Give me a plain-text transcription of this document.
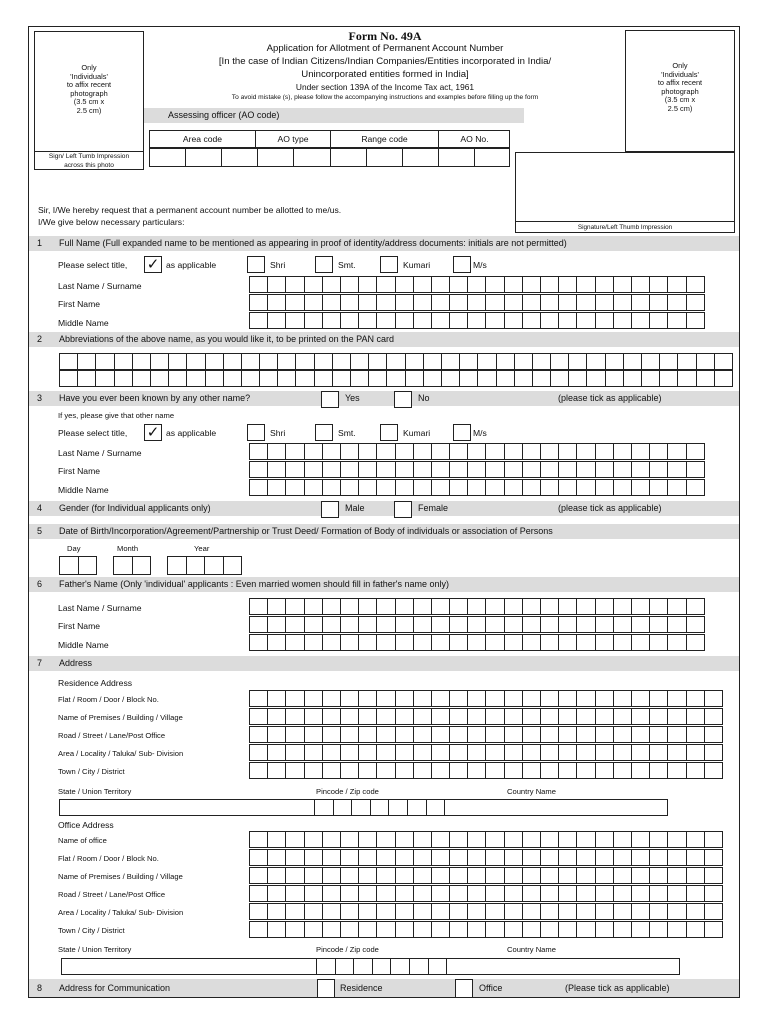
Only
'Individuals'
to affix recent
photograph
(3.5 cm x
2.5 cm)
Sign/ Left Tumb Impression
across this photo
Only
'Individuals'
to affix recent
photograph
(3.5 cm x
2.5 cm)
Signature/Left Thumb Impression
Form No. 49A
Application for Allotment of Permanent Account Number
[In the case of Indian Citizens/Indian Companies/Entities incorporated in India/
Unincorporated entities formed in India]
Under section 139A of the Income Tax act, 1961
To avoid mistake (s), please follow the accompanying instructions and examples before filling up the form
Assessing officer (AO code)
Area code	AO type	Range code	AO No.
Sir, I/We hereby request that a permanent account number be allotted to me/us.
I/We give below necessary particulars:
1 Full Name (Full expanded name to be mentioned as appearing in proof of identity/address documents: initials are not permitted)
Please select title, ✓ as applicable	Shri	Smt.	Kumari	M/s
Last Name / Surname
First Name
Middle Name
2 Abbreviations of the above name, as you would like it, to be printed on the PAN card
3 Have you ever been known by any other name?	Yes	No	(please tick as applicable)
If yes, please give that other name
Please select title, ✓ as applicable	Shri	Smt.	Kumari	M/s
Last Name / Surname
First Name
Middle Name
4 Gender (for Individual applicants only)	Male	Female	(please tick as applicable)
5 Date of Birth/Incorporation/Agreement/Partnership or Trust Deed/ Formation of Body of individuals or association of Persons
Day	Month	Year
6 Father's Name (Only 'individual' applicants : Even married women should fill in father's name only)
Last Name / Surname
First Name
Middle Name
7 Address
Residence Address
Flat / Room / Door / Block No.
Name of Premises / Building / Village
Road / Street / Lane/Post Office
Area / Locality / Taluka/ Sub- Division
Town / City / District
State / Union Territory	Pincode / Zip code	Country Name
Office Address
Name of office
Flat / Room / Door / Block No.
Name of Premises / Building / Village
Road / Street / Lane/Post Office
Area / Locality / Taluka/ Sub- Division
Town / City / District
State / Union Territory	Pincode / Zip code	Country Name
8 Address for Communication	Residence	Office	(Please tick as applicable)
